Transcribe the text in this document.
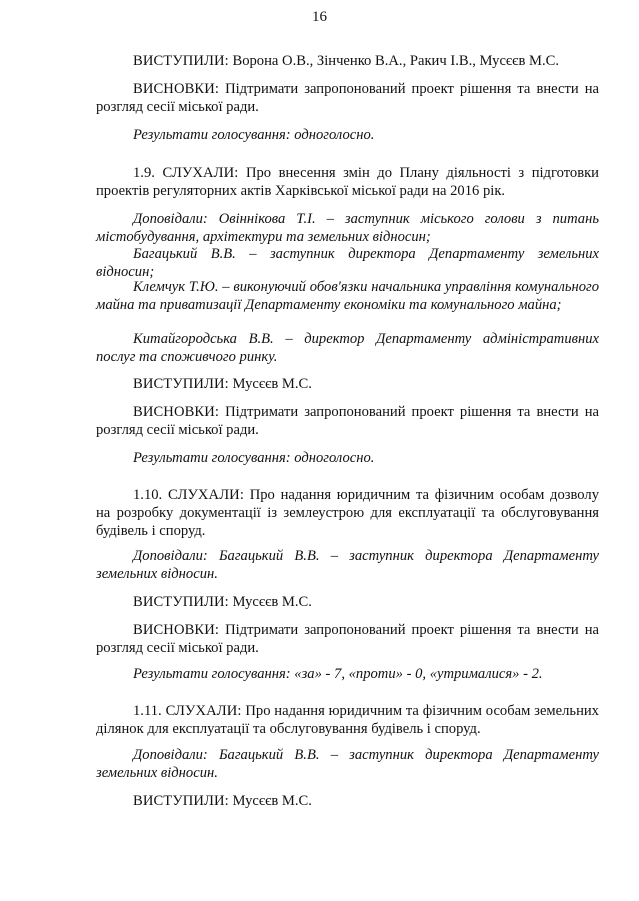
16
ВИСТУПИЛИ: Ворона О.В., Зінченко В.А., Ракич І.В., Мусєєв М.С.
ВИСНОВКИ: Підтримати запропонований проект рішення та внести на розгляд сесії міської ради.
Результати голосування: одноголосно.
1.9. СЛУХАЛИ: Про внесення змін до Плану діяльності з підготовки проектів регуляторних актів Харківської міської ради на 2016 рік.
Доповідали: Овіннікова Т.І. – заступник міського голови з питань містобудування, архітектури та земельних відносин;
Багацький В.В. – заступник директора Департаменту земельних відносин;
Клемчук Т.Ю. – виконуючий обов'язки начальника управління комунального майна та приватизації Департаменту економіки та комунального майна;
Китайгородська В.В. – директор Департаменту адміністративних послуг та споживчого ринку.
ВИСТУПИЛИ: Мусєєв М.С.
ВИСНОВКИ: Підтримати запропонований проект рішення та внести на розгляд сесії міської ради.
Результати голосування: одноголосно.
1.10. СЛУХАЛИ: Про надання юридичним та фізичним особам дозволу на розробку документації із землеустрою для експлуатації та обслуговування будівель і споруд.
Доповідали: Багацький В.В. – заступник директора Департаменту земельних відносин.
ВИСТУПИЛИ: Мусєєв М.С.
ВИСНОВКИ: Підтримати запропонований проект рішення та внести на розгляд сесії міської ради.
Результати голосування: «за» - 7, «проти» - 0, «утрималися» - 2.
1.11. СЛУХАЛИ: Про надання юридичним та фізичним особам земельних ділянок для експлуатації та обслуговування будівель і споруд.
Доповідали: Багацький В.В. – заступник директора Департаменту земельних відносин.
ВИСТУПИЛИ: Мусєєв М.С.
